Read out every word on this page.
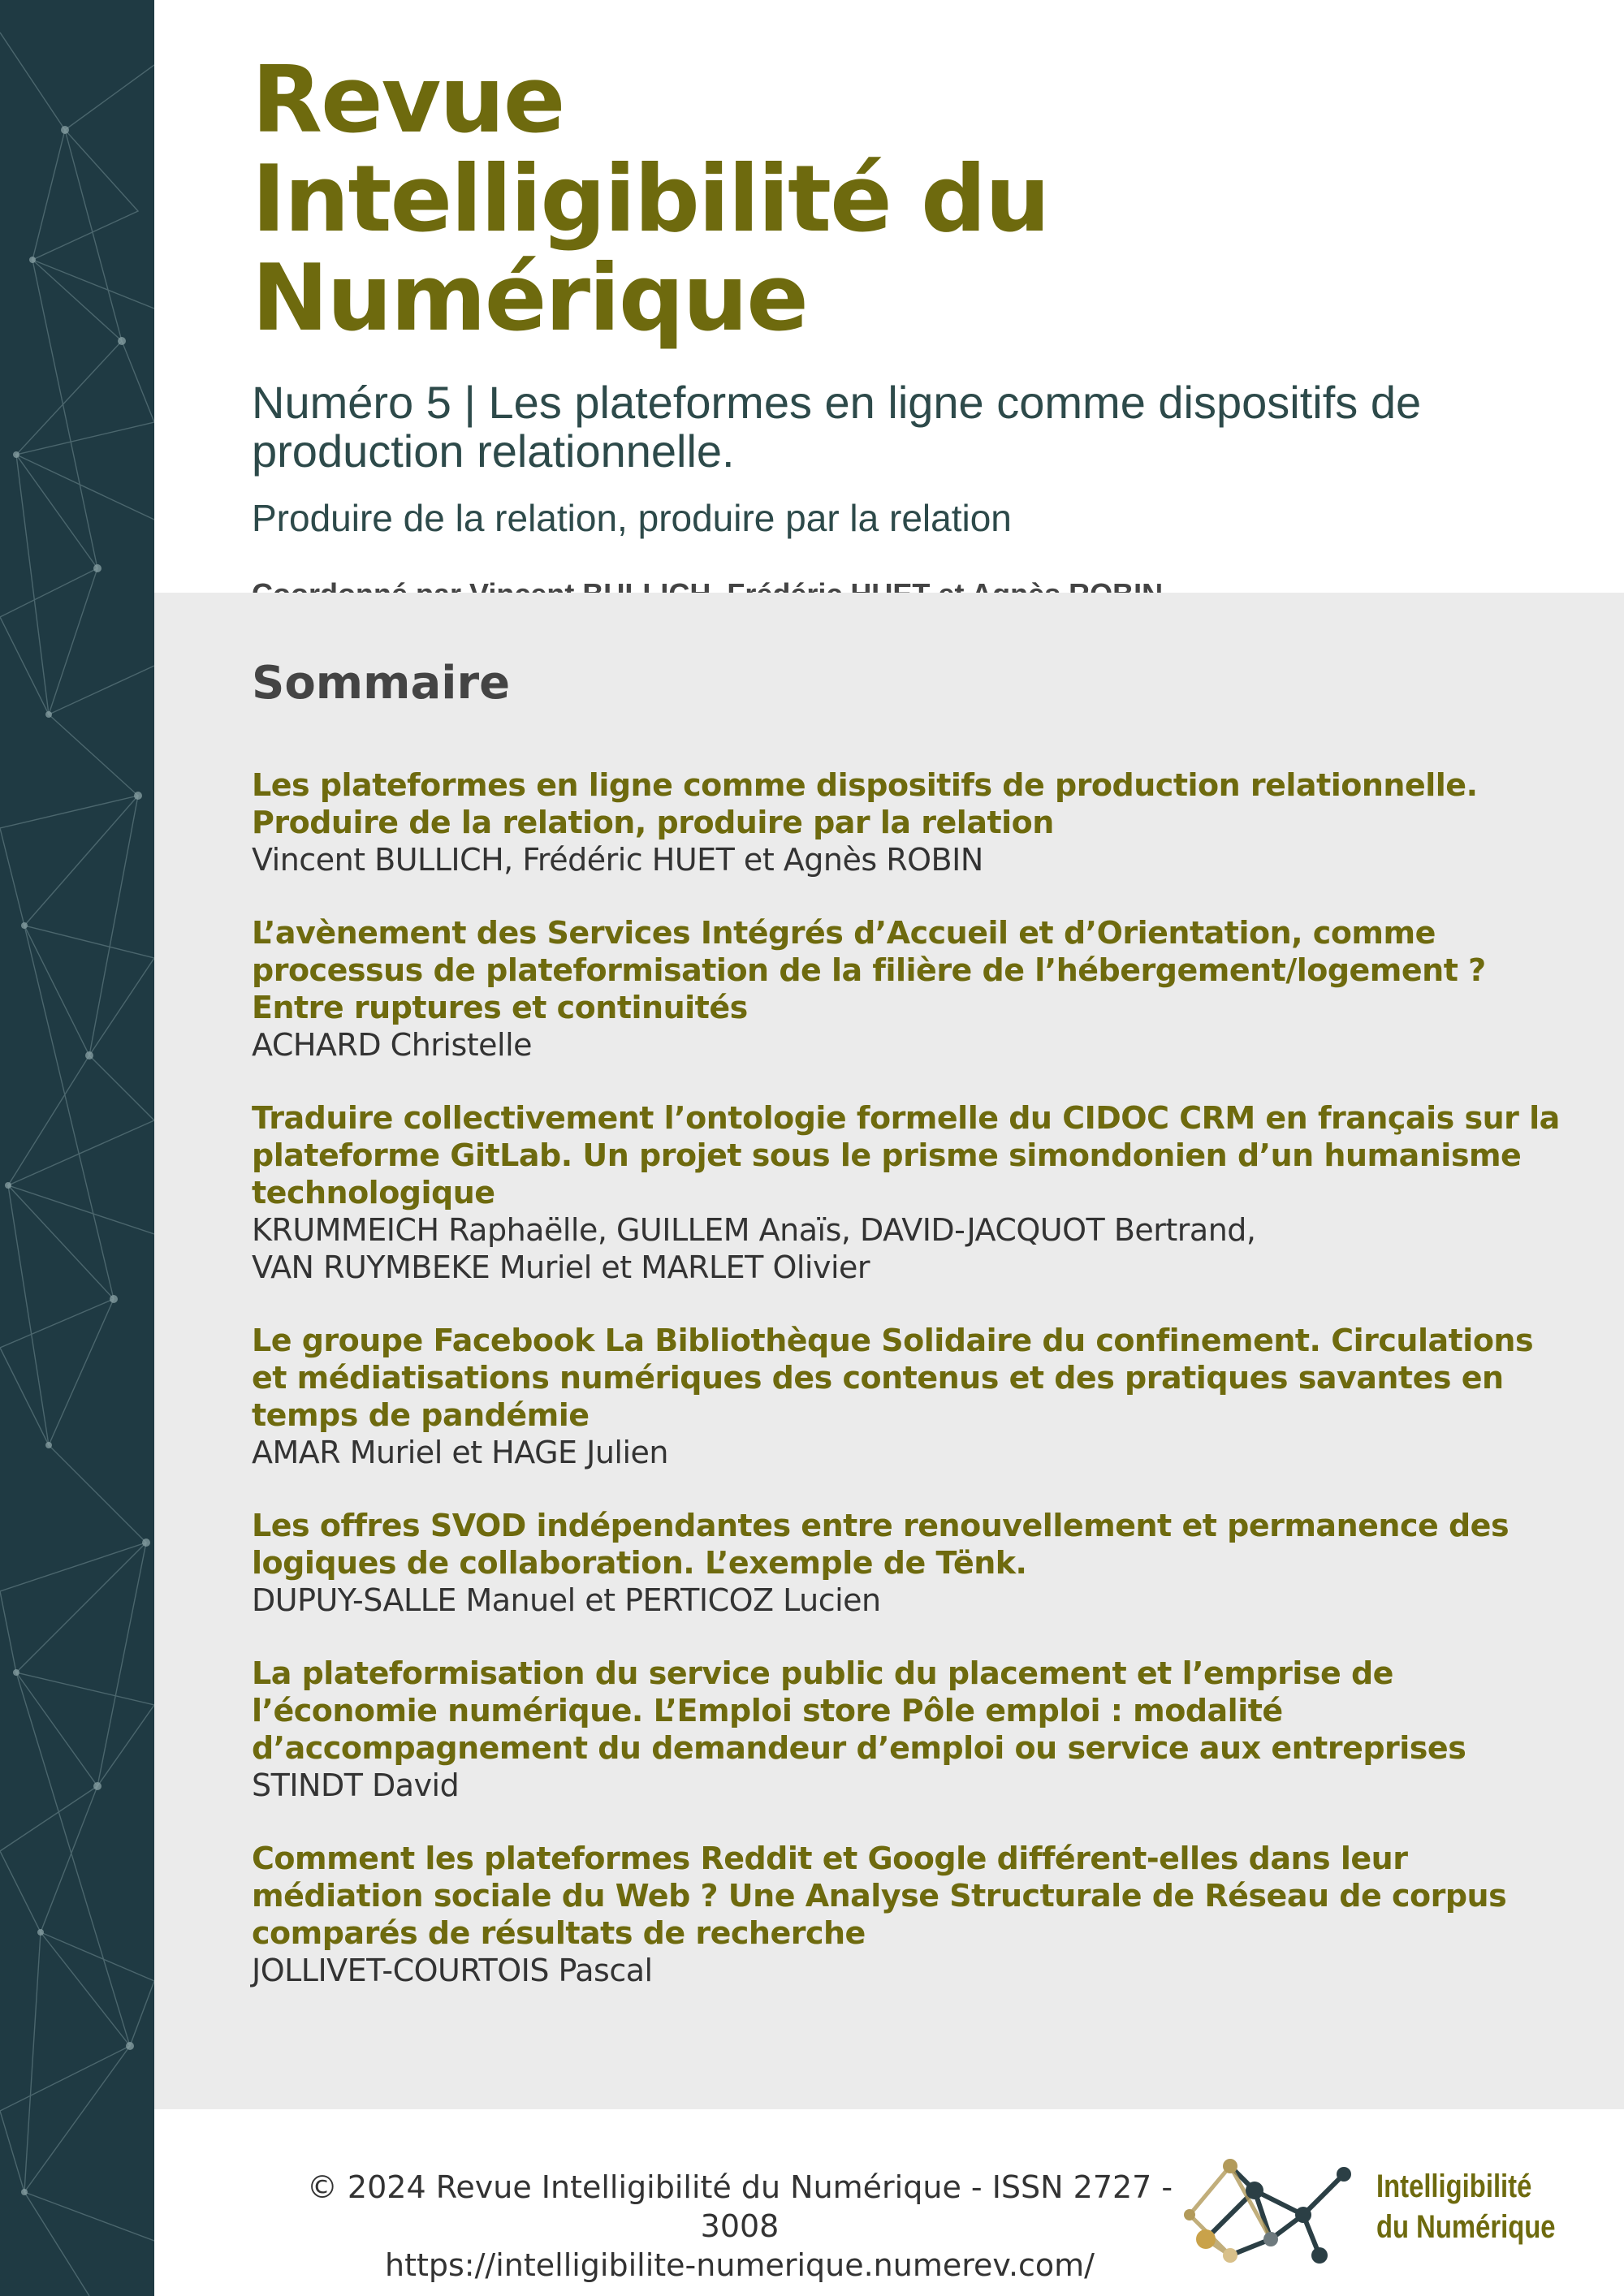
Revue
Intelligibilité du Numérique

Numéro 5 | Les plateformes en ligne comme dispositifs de production relationnelle.

Produire de la relation, produire par la relation

Sommaire
Les plateformes en ligne comme dispositifs de production relationnelle. Produire de la relation, produire par la relation
Vincent BULLICH, Frédéric HUET et Agnès ROBIN
L’avènement des Services Intégrés d’Accueil et d’Orientation, comme processus de plateformisation de la filière de l’hébergement/logement ? Entre ruptures et continuités
ACHARD Christelle
Traduire collectivement l’ontologie formelle du CIDOC CRM en français sur la plateforme GitLab. Un projet sous le prisme simondonien d’un humanisme technologique
KRUMMEICH Raphaëlle, GUILLEM Anaïs, DAVID-JACQUOT Bertrand,
VAN RUYMBEKE Muriel et MARLET Olivier
Le groupe Facebook La Bibliothèque Solidaire du confinement. Circulations et médiatisations numériques des contenus et des pratiques savantes en temps de pandémie
AMAR Muriel et HAGE Julien
Les offres SVOD indépendantes entre renouvellement et permanence des logiques de collaboration. L’exemple de Tënk.
DUPUY-SALLE Manuel et PERTICOZ Lucien
La plateformisation du service public du placement et l’emprise de l’économie numérique. L’Emploi store Pôle emploi : modalité d’accompagnement du demandeur d’emploi ou service aux entreprises
STINDT David
Comment les plateformes Reddit et Google différent-elles dans leur médiation sociale du Web ? Une Analyse Structurale de Réseau de corpus comparés de résultats de recherche
JOLLIVET-COURTOIS Pascal
© 2024 Revue Intelligibilité du Numérique - ISSN 2727 - 3008
https://intelligibilite-numerique.numerev.com/
Intelligibilité
du Numérique
